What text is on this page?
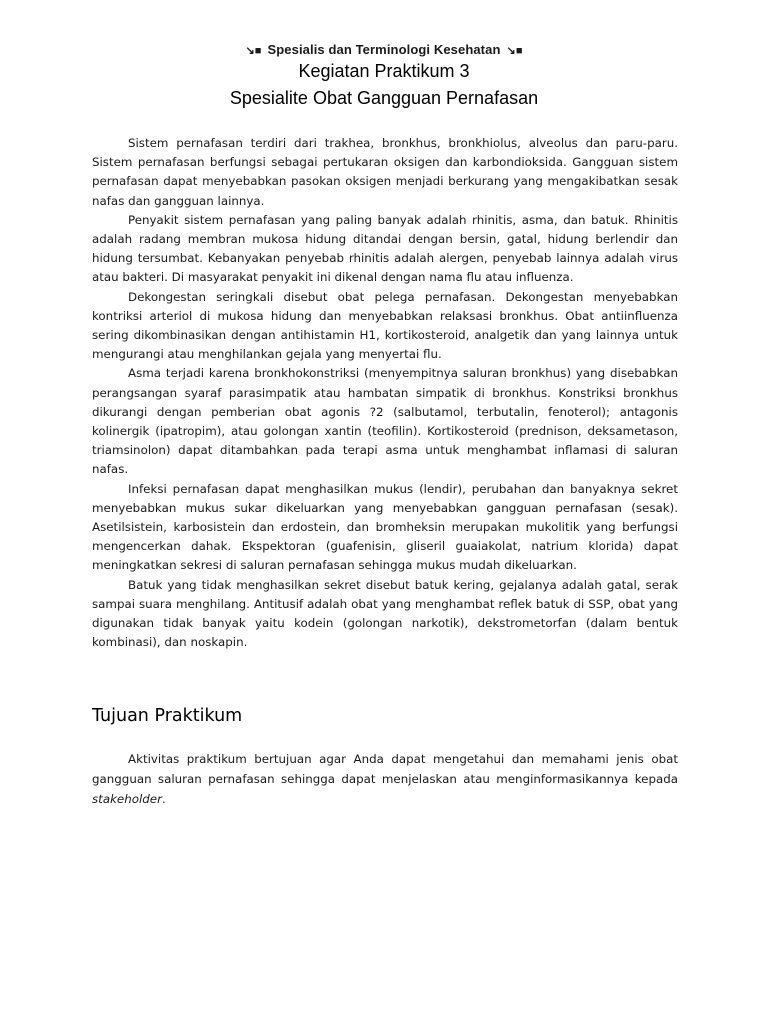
↘■ Spesialis dan Terminologi Kesehatan ↘■
Kegiatan Praktikum 3
Spesialite Obat Gangguan Pernafasan

Sistem pernafasan terdiri dari trakhea, bronkhus, bronkhiolus, alveolus dan paru-paru. Sistem pernafasan berfungsi sebagai pertukaran oksigen dan karbondioksida. Gangguan sistem pernafasan dapat menyebabkan pasokan oksigen menjadi berkurang yang mengakibatkan sesak nafas dan gangguan lainnya.

Penyakit sistem pernafasan yang paling banyak adalah rhinitis, asma, dan batuk. Rhinitis adalah radang membran mukosa hidung ditandai dengan bersin, gatal, hidung berlendir dan hidung tersumbat. Kebanyakan penyebab rhinitis adalah alergen, penyebab lainnya adalah virus atau bakteri. Di masyarakat penyakit ini dikenal dengan nama flu atau influenza.

Dekongestan seringkali disebut obat pelega pernafasan. Dekongestan menyebabkan kontriksi arteriol di mukosa hidung dan menyebabkan relaksasi bronkhus. Obat antiinfluenza sering dikombinasikan dengan antihistamin H1, kortikosteroid, analgetik dan yang lainnya untuk mengurangi atau menghilankan gejala yang menyertai flu.

Asma terjadi karena bronkhokonstriksi (menyempitnya saluran bronkhus) yang disebabkan perangsangan syaraf parasimpatik atau hambatan simpatik di bronkhus. Konstriksi bronkhus dikurangi dengan pemberian obat agonis ?2 (salbutamol, terbutalin, fenoterol); antagonis kolinergik (ipatropim), atau golongan xantin (teofilin). Kortikosteroid (prednison, deksametason, triamsinolon) dapat ditambahkan pada terapi asma untuk menghambat inflamasi di saluran nafas.

Infeksi pernafasan dapat menghasilkan mukus (lendir), perubahan dan banyaknya sekret menyebabkan mukus sukar dikeluarkan yang menyebabkan gangguan pernafasan (sesak). Asetilsistein, karbosistein dan erdostein, dan bromheksin merupakan mukolitik yang berfungsi mengencerkan dahak. Ekspektoran (guafenisin, gliseril guaiakolat, natrium klorida) dapat meningkatkan sekresi di saluran pernafasan sehingga mukus mudah dikeluarkan.

Batuk yang tidak menghasilkan sekret disebut batuk kering, gejalanya adalah gatal, serak sampai suara menghilang. Antitusif adalah obat yang menghambat reflek batuk di SSP, obat yang digunakan tidak banyak yaitu kodein (golongan narkotik), dekstrometorfan (dalam bentuk kombinasi), dan noskapin.

Tujuan Praktikum

Aktivitas praktikum bertujuan agar Anda dapat mengetahui dan memahami jenis obat gangguan saluran pernafasan sehingga dapat menjelaskan atau menginformasikannya kepada stakeholder.
